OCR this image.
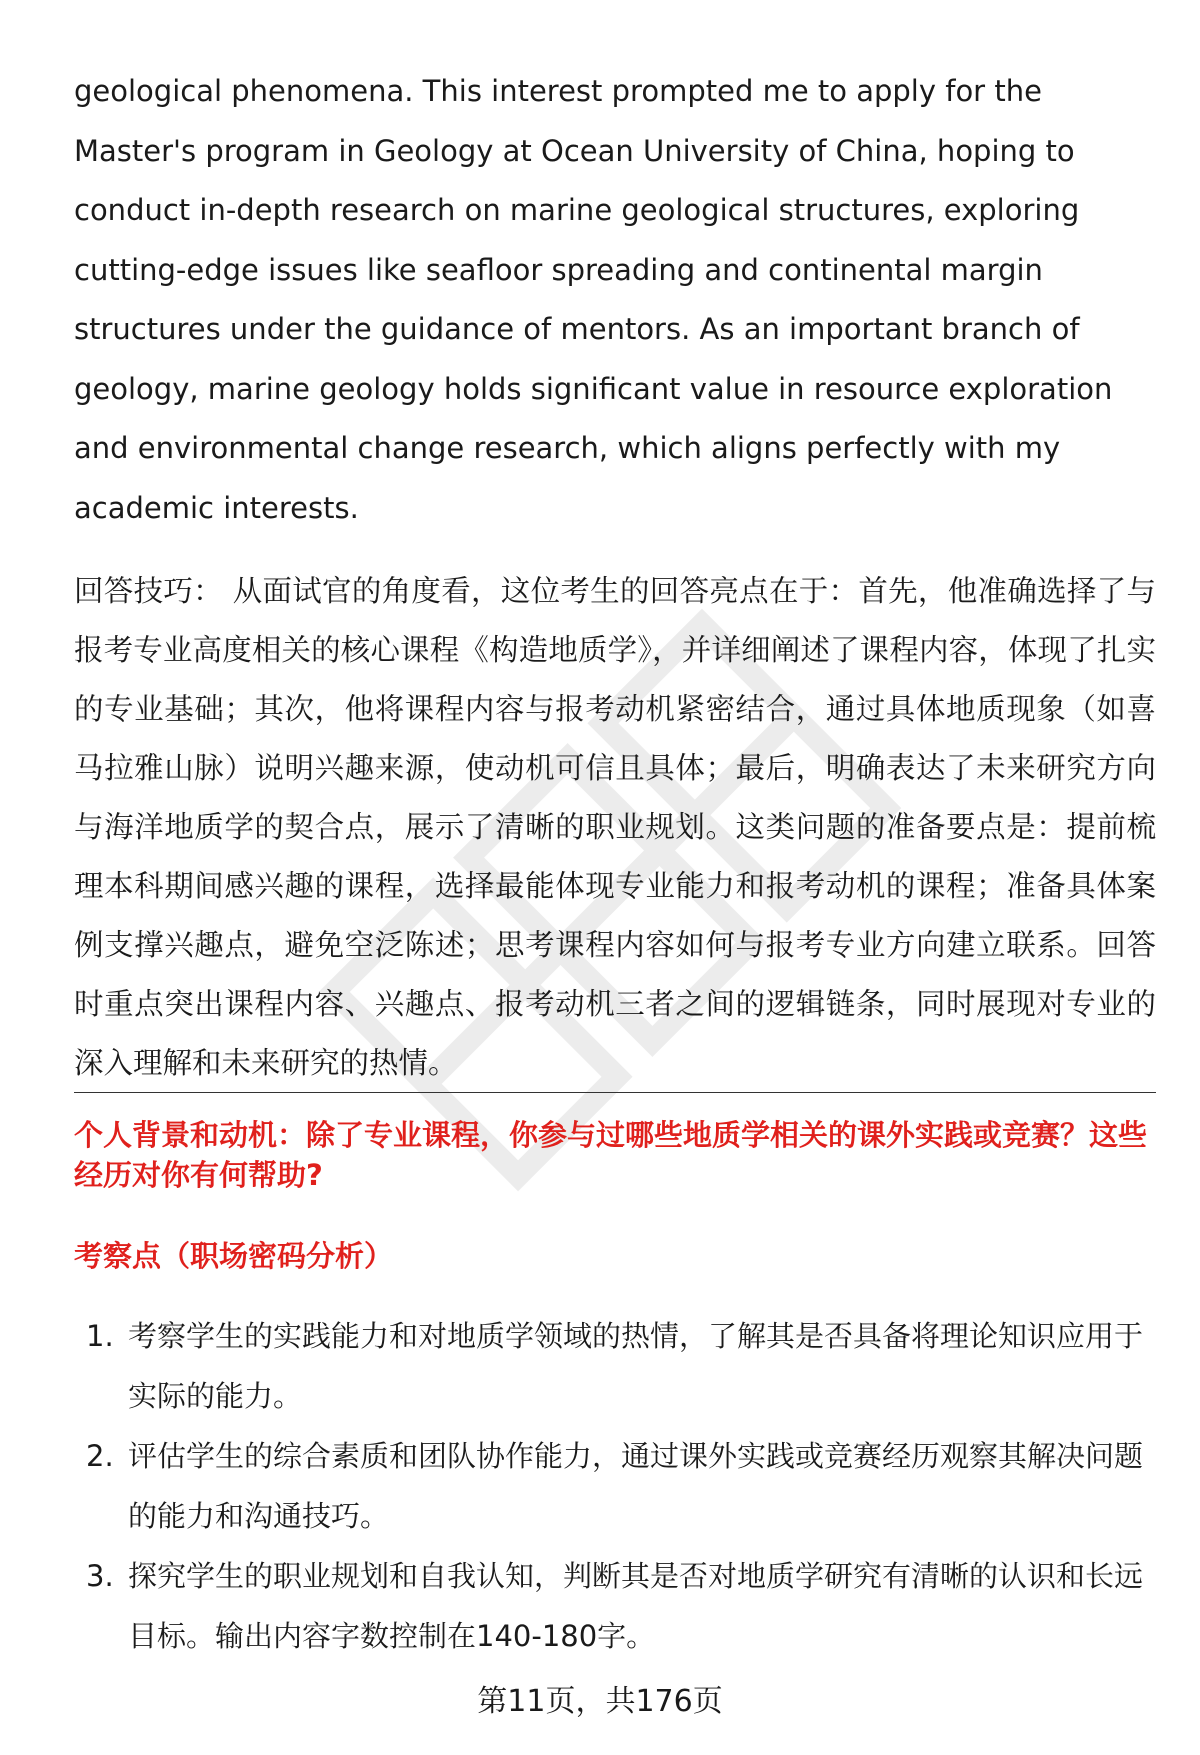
geological phenomena. This interest prompted me to apply for the Master's program in Geology at Ocean University of China, hoping to conduct in-depth research on marine geological structures, exploring cutting-edge issues like seafloor spreading and continental margin structures under the guidance of mentors. As an important branch of geology, marine geology holds significant value in resource exploration and environmental change research, which aligns perfectly with my academic interests.

回答技巧： 从面试官的角度看，这位考生的回答亮点在于：首先，他准确选择了与报考专业高度相关的核心课程《构造地质学》，并详细阐述了课程内容，体现了扎实的专业基础；其次，他将课程内容与报考动机紧密结合，通过具体地质现象（如喜马拉雅山脉）说明兴趣来源，使动机可信且具体；最后，明确表达了未来研究方向与海洋地质学的契合点，展示了清晰的职业规划。这类问题的准备要点是：提前梳理本科期间感兴趣的课程，选择最能体现专业能力和报考动机的课程；准备具体案例支撑兴趣点，避免空泛陈述；思考课程内容如何与报考专业方向建立联系。回答时重点突出课程内容、兴趣点、报考动机三者之间的逻辑链条，同时展现对专业的深入理解和未来研究的热情。

个人背景和动机：除了专业课程，你参与过哪些地质学相关的课外实践或竞赛？这些经历对你有何帮助?

考察点（职场密码分析）

1. 考察学生的实践能力和对地质学领域的热情，了解其是否具备将理论知识应用于实际的能力。
2. 评估学生的综合素质和团队协作能力，通过课外实践或竞赛经历观察其解决问题的能力和沟通技巧。
3. 探究学生的职业规划和自我认知，判断其是否对地质学研究有清晰的认识和长远目标。输出内容字数控制在140-180字。
第11页，共176页
